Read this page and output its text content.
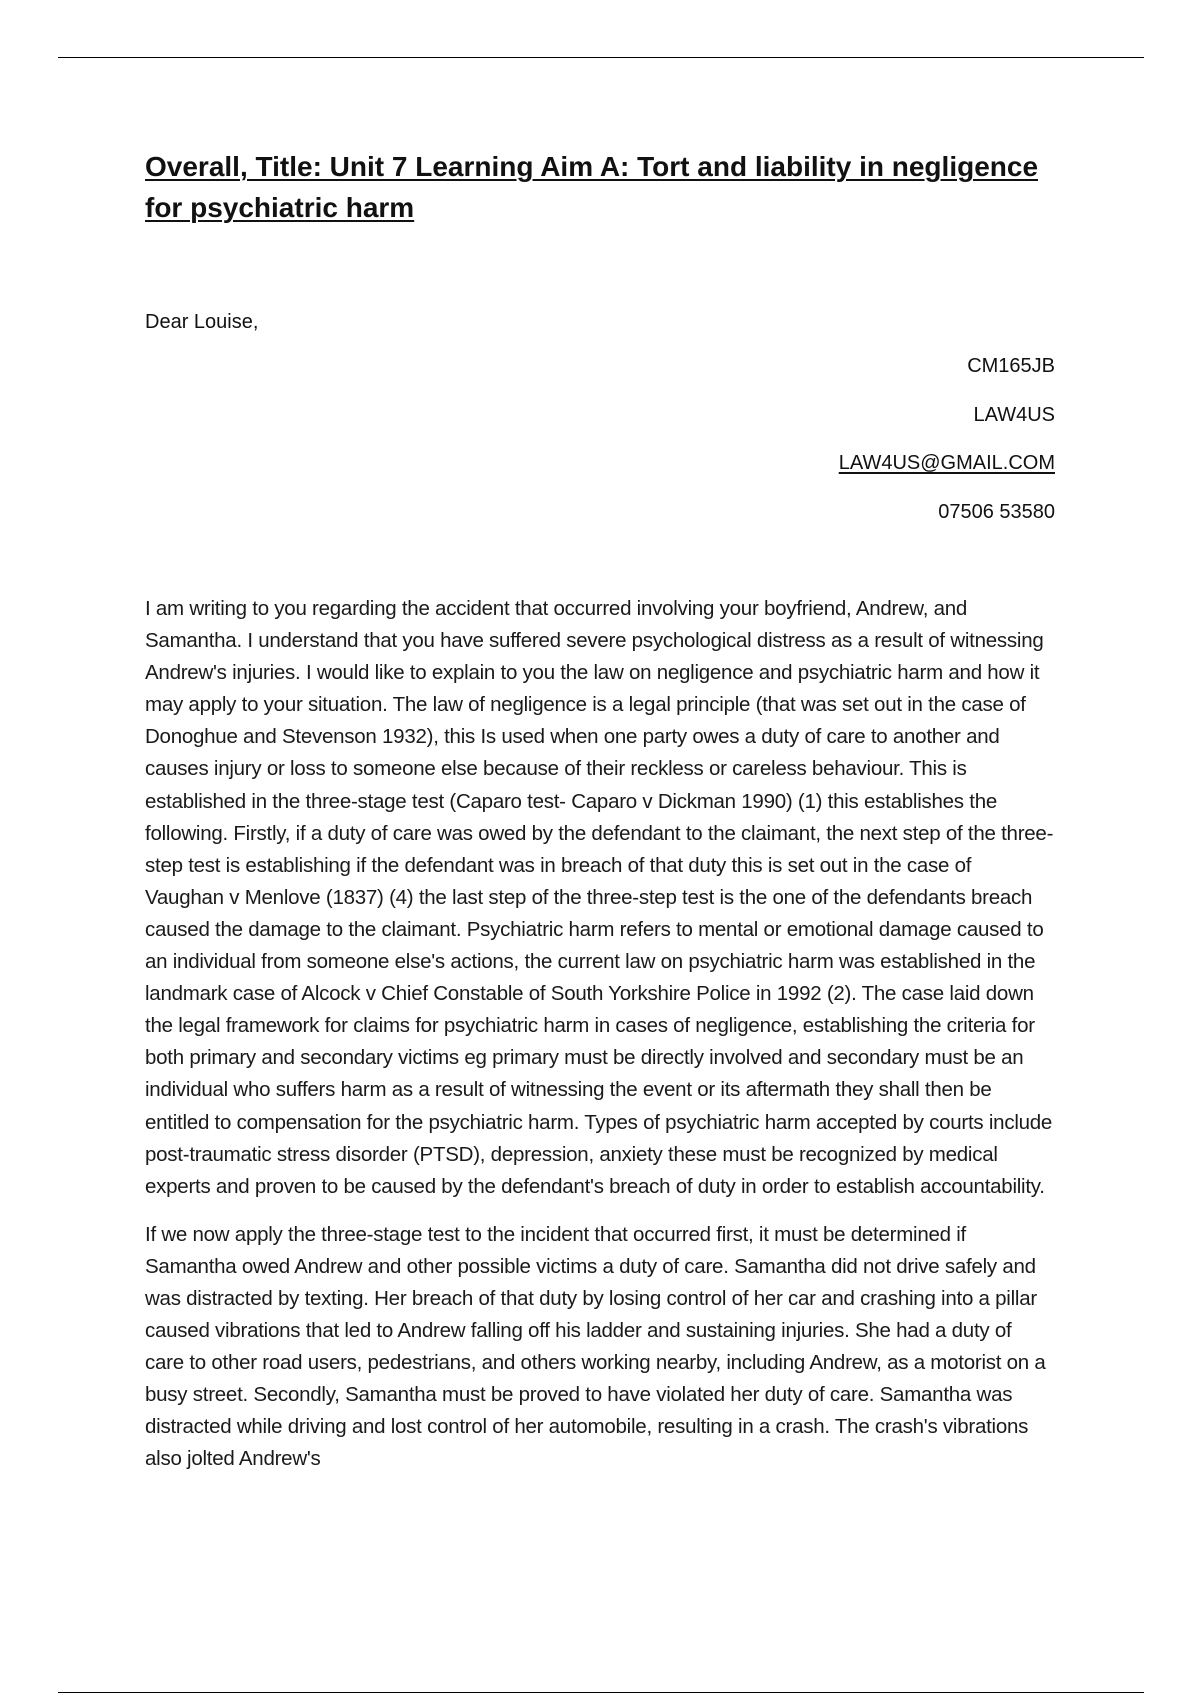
Overall, Title: Unit 7 Learning Aim A: Tort and liability in negligence for psychiatric harm

Dear Louise,

CM165JB
LAW4US
LAW4US@GMAIL.COM
07506 53580

I am writing to you regarding the accident that occurred involving your boyfriend, Andrew, and Samantha. I understand that you have suffered severe psychological distress as a result of witnessing Andrew's injuries. I would like to explain to you the law on negligence and psychiatric harm and how it may apply to your situation. The law of negligence is a legal principle (that was set out in the case of Donoghue and Stevenson 1932), this Is used when one party owes a duty of care to another and causes injury or loss to someone else because of their reckless or careless behaviour. This is established in the three-stage test (Caparo test- Caparo v Dickman 1990) (1) this establishes the following. Firstly, if a duty of care was owed by the defendant to the claimant, the next step of the three-step test is establishing if the defendant was in breach of that duty this is set out in the case of Vaughan v Menlove (1837) (4) the last step of the three-step test is the one of the defendants breach caused the damage to the claimant. Psychiatric harm refers to mental or emotional damage caused to an individual from someone else's actions, the current law on psychiatric harm was established in the landmark case of Alcock v Chief Constable of South Yorkshire Police in 1992 (2). The case laid down the legal framework for claims for psychiatric harm in cases of negligence, establishing the criteria for both primary and secondary victims eg primary must be directly involved and secondary must be an individual who suffers harm as a result of witnessing the event or its aftermath they shall then be entitled to compensation for the psychiatric harm. Types of psychiatric harm accepted by courts include post-traumatic stress disorder (PTSD), depression, anxiety these must be recognized by medical experts and proven to be caused by the defendant's breach of duty in order to establish accountability.

If we now apply the three-stage test to the incident that occurred first, it must be determined if Samantha owed Andrew and other possible victims a duty of care. Samantha did not drive safely and was distracted by texting. Her breach of that duty by losing control of her car and crashing into a pillar caused vibrations that led to Andrew falling off his ladder and sustaining injuries. She had a duty of care to other road users, pedestrians, and others working nearby, including Andrew, as a motorist on a busy street. Secondly, Samantha must be proved to have violated her duty of care. Samantha was distracted while driving and lost control of her automobile, resulting in a crash. The crash's vibrations also jolted Andrew's
